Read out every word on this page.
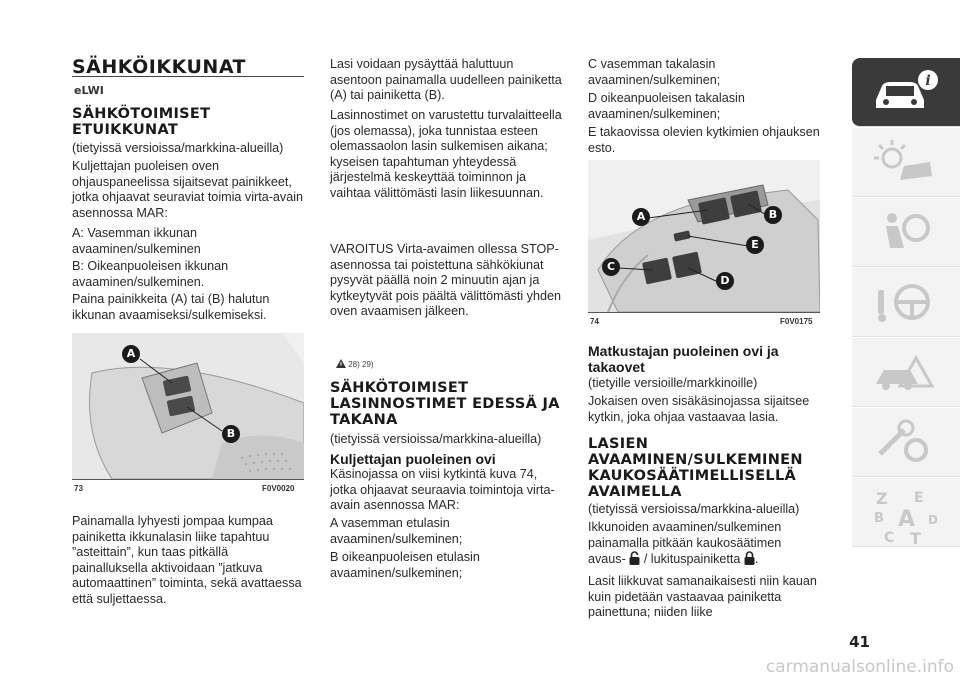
SÄHKÖIKKUNAT
eLWI
SÄHKÖTOIMISET ETUIKKUNAT

(tietyissä versioissa/markkina-alueilla)

Kuljettajan puoleisen oven ohjauspaneelissa sijaitsevat painikkeet, jotka ohjaavat seuraviat toimia virta-avain asennossa MAR:

A: Vasemman ikkunan avaaminen/sulkeminen

B: Oikeanpuoleisen ikkunan avaaminen/sulkeminen.

Paina painikkeita (A) tai (B) halutun ikkunan avaamiseksi/sulkemiseksi.

A
B
73	F0V0020

Painamalla lyhyesti jompaa kumpaa painiketta ikkunalasin liike tapahtuu ”asteittain”, kun taas pitkällä painalluksella aktivoidaan ”jatkuva automaattinen” toiminta, sekä avattaessa että suljettaessa.

Lasi voidaan pysäyttää haluttuun asentoon painamalla uudelleen painiketta (A) tai painiketta (B).

Lasinnostimet on varustettu turvalaitteella (jos olemassa), joka tunnistaa esteen olemassaolon lasin sulkemisen aikana; kyseisen tapahtuman yhteydessä järjestelmä keskeyttää toiminnon ja vaihtaa välittömästi lasin liikesuunnan.

VAROITUS Virta-avaimen ollessa STOP-asennossa tai poistettuna sähkökiunat pysyvät päällä noin 2 minuutin ajan ja kytkeytyvät pois päältä välittömästi yhden oven avaamisen jälkeen.

28) 29)
SÄHKÖTOIMISET LASINNOSTIMET EDESSÄ JA TAKANA

(tietyissä versioissa/markkina-alueilla)

Kuljettajan puoleinen ovi

Käsinojassa on viisi kytkintä kuva 74, jotka ohjaavat seuraavia toimintoja virta-avain asennossa MAR:

A vasemman etulasin avaaminen/sulkeminen;

B oikeanpuoleisen etulasin avaaminen/sulkeminen;

C vasemman takalasin avaaminen/sulkeminen;

D oikeanpuoleisen takalasin avaaminen/sulkeminen;

E takaovissa olevien kytkimien ohjauksen esto.

A	B
E
C
D
74	F0V0175
Matkustajan puoleinen ovi ja takaovet

(tietyille versioille/markkinoille)

Jokaisen oven sisäkäsinojassa sijaitsee kytkin, joka ohjaa vastaavaa lasia.

LASIEN AVAAMINEN/SULKEMINEN KAUKOSÄÄTIMELLISELLÄ AVAIMELLA

(tietyissä versioissa/markkina-alueilla)

Ikkunoiden avaaminen/sulkeminen painamalla pitkään kaukosäätimen avaus- / lukituspainiketta .

Lasit liikkuvat samanaikaisesti niin kauan kuin pidetään vastaavaa painiketta painettuna; niiden liike

i
Z E
B A D
C T
41
carmanualsonline.info
